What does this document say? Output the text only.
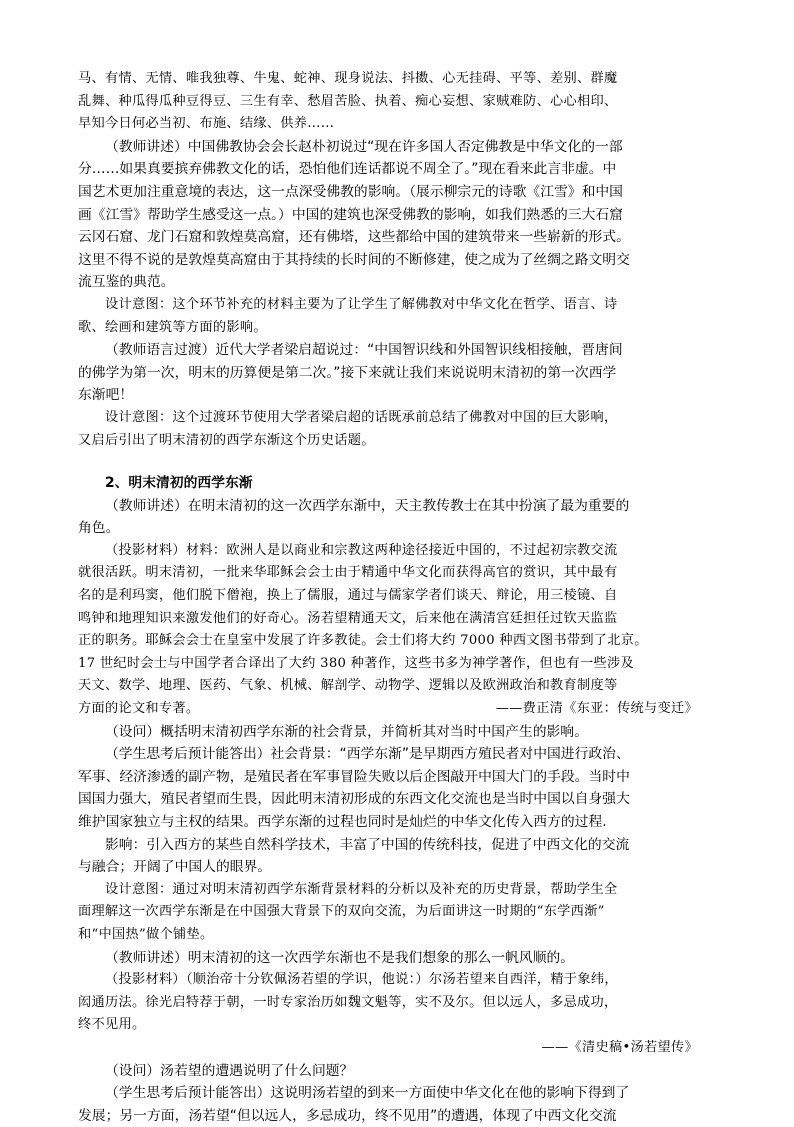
马、有情、无情、唯我独尊、牛鬼、蛇神、现身说法、抖擞、心无挂碍、平等、差别、群魔

乱舞、种瓜得瓜种豆得豆、三生有幸、愁眉苦脸、执着、痴心妄想、家贼难防、心心相印、

早知今日何必当初、布施、结缘、供养……

（教师讲述）中国佛教协会会长赵朴初说过“现在许多国人否定佛教是中华文化的一部

分……如果真要摈弃佛教文化的话，恐怕他们连话都说不周全了。”现在看来此言非虚。中

国艺术更加注重意境的表达，这一点深受佛教的影响。（展示柳宗元的诗歌《江雪》和中国

画《江雪》帮助学生感受这一点。）中国的建筑也深受佛教的影响，如我们熟悉的三大石窟

云冈石窟、龙门石窟和敦煌莫高窟，还有佛塔，这些都给中国的建筑带来一些崭新的形式。

这里不得不说的是敦煌莫高窟由于其持续的长时间的不断修建，使之成为了丝绸之路文明交

流互鉴的典范。

设计意图：这个环节补充的材料主要为了让学生了解佛教对中华文化在哲学、语言、诗

歌、绘画和建筑等方面的影响。

（教师语言过渡）近代大学者梁启超说过：“中国智识线和外国智识线相接触，晋唐间

的佛学为第一次，明末的历算便是第二次。”接下来就让我们来说说明末清初的第一次西学

东渐吧！

设计意图：这个过渡环节使用大学者梁启超的话既承前总结了佛教对中国的巨大影响，

又启后引出了明末清初的西学东渐这个历史话题。

2、明末清初的西学东渐

（教师讲述）在明末清初的这一次西学东渐中，天主教传教士在其中扮演了最为重要的

角色。

（投影材料）材料：欧洲人是以商业和宗教这两种途径接近中国的，不过起初宗教交流

就很活跃。明末清初，一批来华耶稣会会士由于精通中华文化而获得高官的赏识，其中最有

名的是利玛窦，他们脱下僧袍，换上了儒服，通过与儒家学者们谈天、辩论，用三棱镜、自

鸣钟和地理知识来激发他们的好奇心。汤若望精通天文，后来他在满清宫廷担任过钦天监监

正的职务。耶稣会会士在皇室中发展了许多教徒。会士们将大约 7000 种西文图书带到了北京。

17 世纪时会士与中国学者合译出了大约 380 种著作，这些书多为神学著作，但也有一些涉及

天文、数学、地理、医药、气象、机械、解剖学、动物学、逻辑以及欧洲政治和教育制度等

方面的论文和专著。	——费正清《东亚：传统与变迁》

（设问）概括明末清初西学东渐的社会背景，并简析其对当时中国产生的影响。

（学生思考后预计能答出）社会背景：“西学东渐”是早期西方殖民者对中国进行政治、

军事、经济渗透的副产物，是殖民者在军事冒险失败以后企图敲开中国大门的手段。当时中

国国力强大，殖民者望而生畏，因此明末清初形成的东西文化交流也是当时中国以自身强大

维护国家独立与主权的结果。西学东渐的过程也同时是灿烂的中华文化传入西方的过程.

影响：引入西方的某些自然科学技术，丰富了中国的传统科技，促进了中西文化的交流

与融合；开阔了中国人的眼界。

设计意图：通过对明末清初西学东渐背景材料的分析以及补充的历史背景，帮助学生全

面理解这一次西学东渐是在中国强大背景下的双向交流，为后面讲这一时期的“东学西渐”

和“中国热”做个铺垫。

（教师讲述）明末清初的这一次西学东渐也不是我们想象的那么一帆风顺的。

（投影材料）（顺治帝十分钦佩汤若望的学识，他说：）尔汤若望来自西洋，精于象纬，

闳通历法。徐光启特荐于朝，一时专家治历如魏文魁等，实不及尔。但以远人，多忌成功，

终不见用。

——《清史稿•汤若望传》

（设问）汤若望的遭遇说明了什么问题？

（学生思考后预计能答出）这说明汤若望的到来一方面使中华文化在他的影响下得到了

发展；另一方面，汤若望“但以远人，多忌成功，终不见用”的遭遇，体现了中西文化交流
